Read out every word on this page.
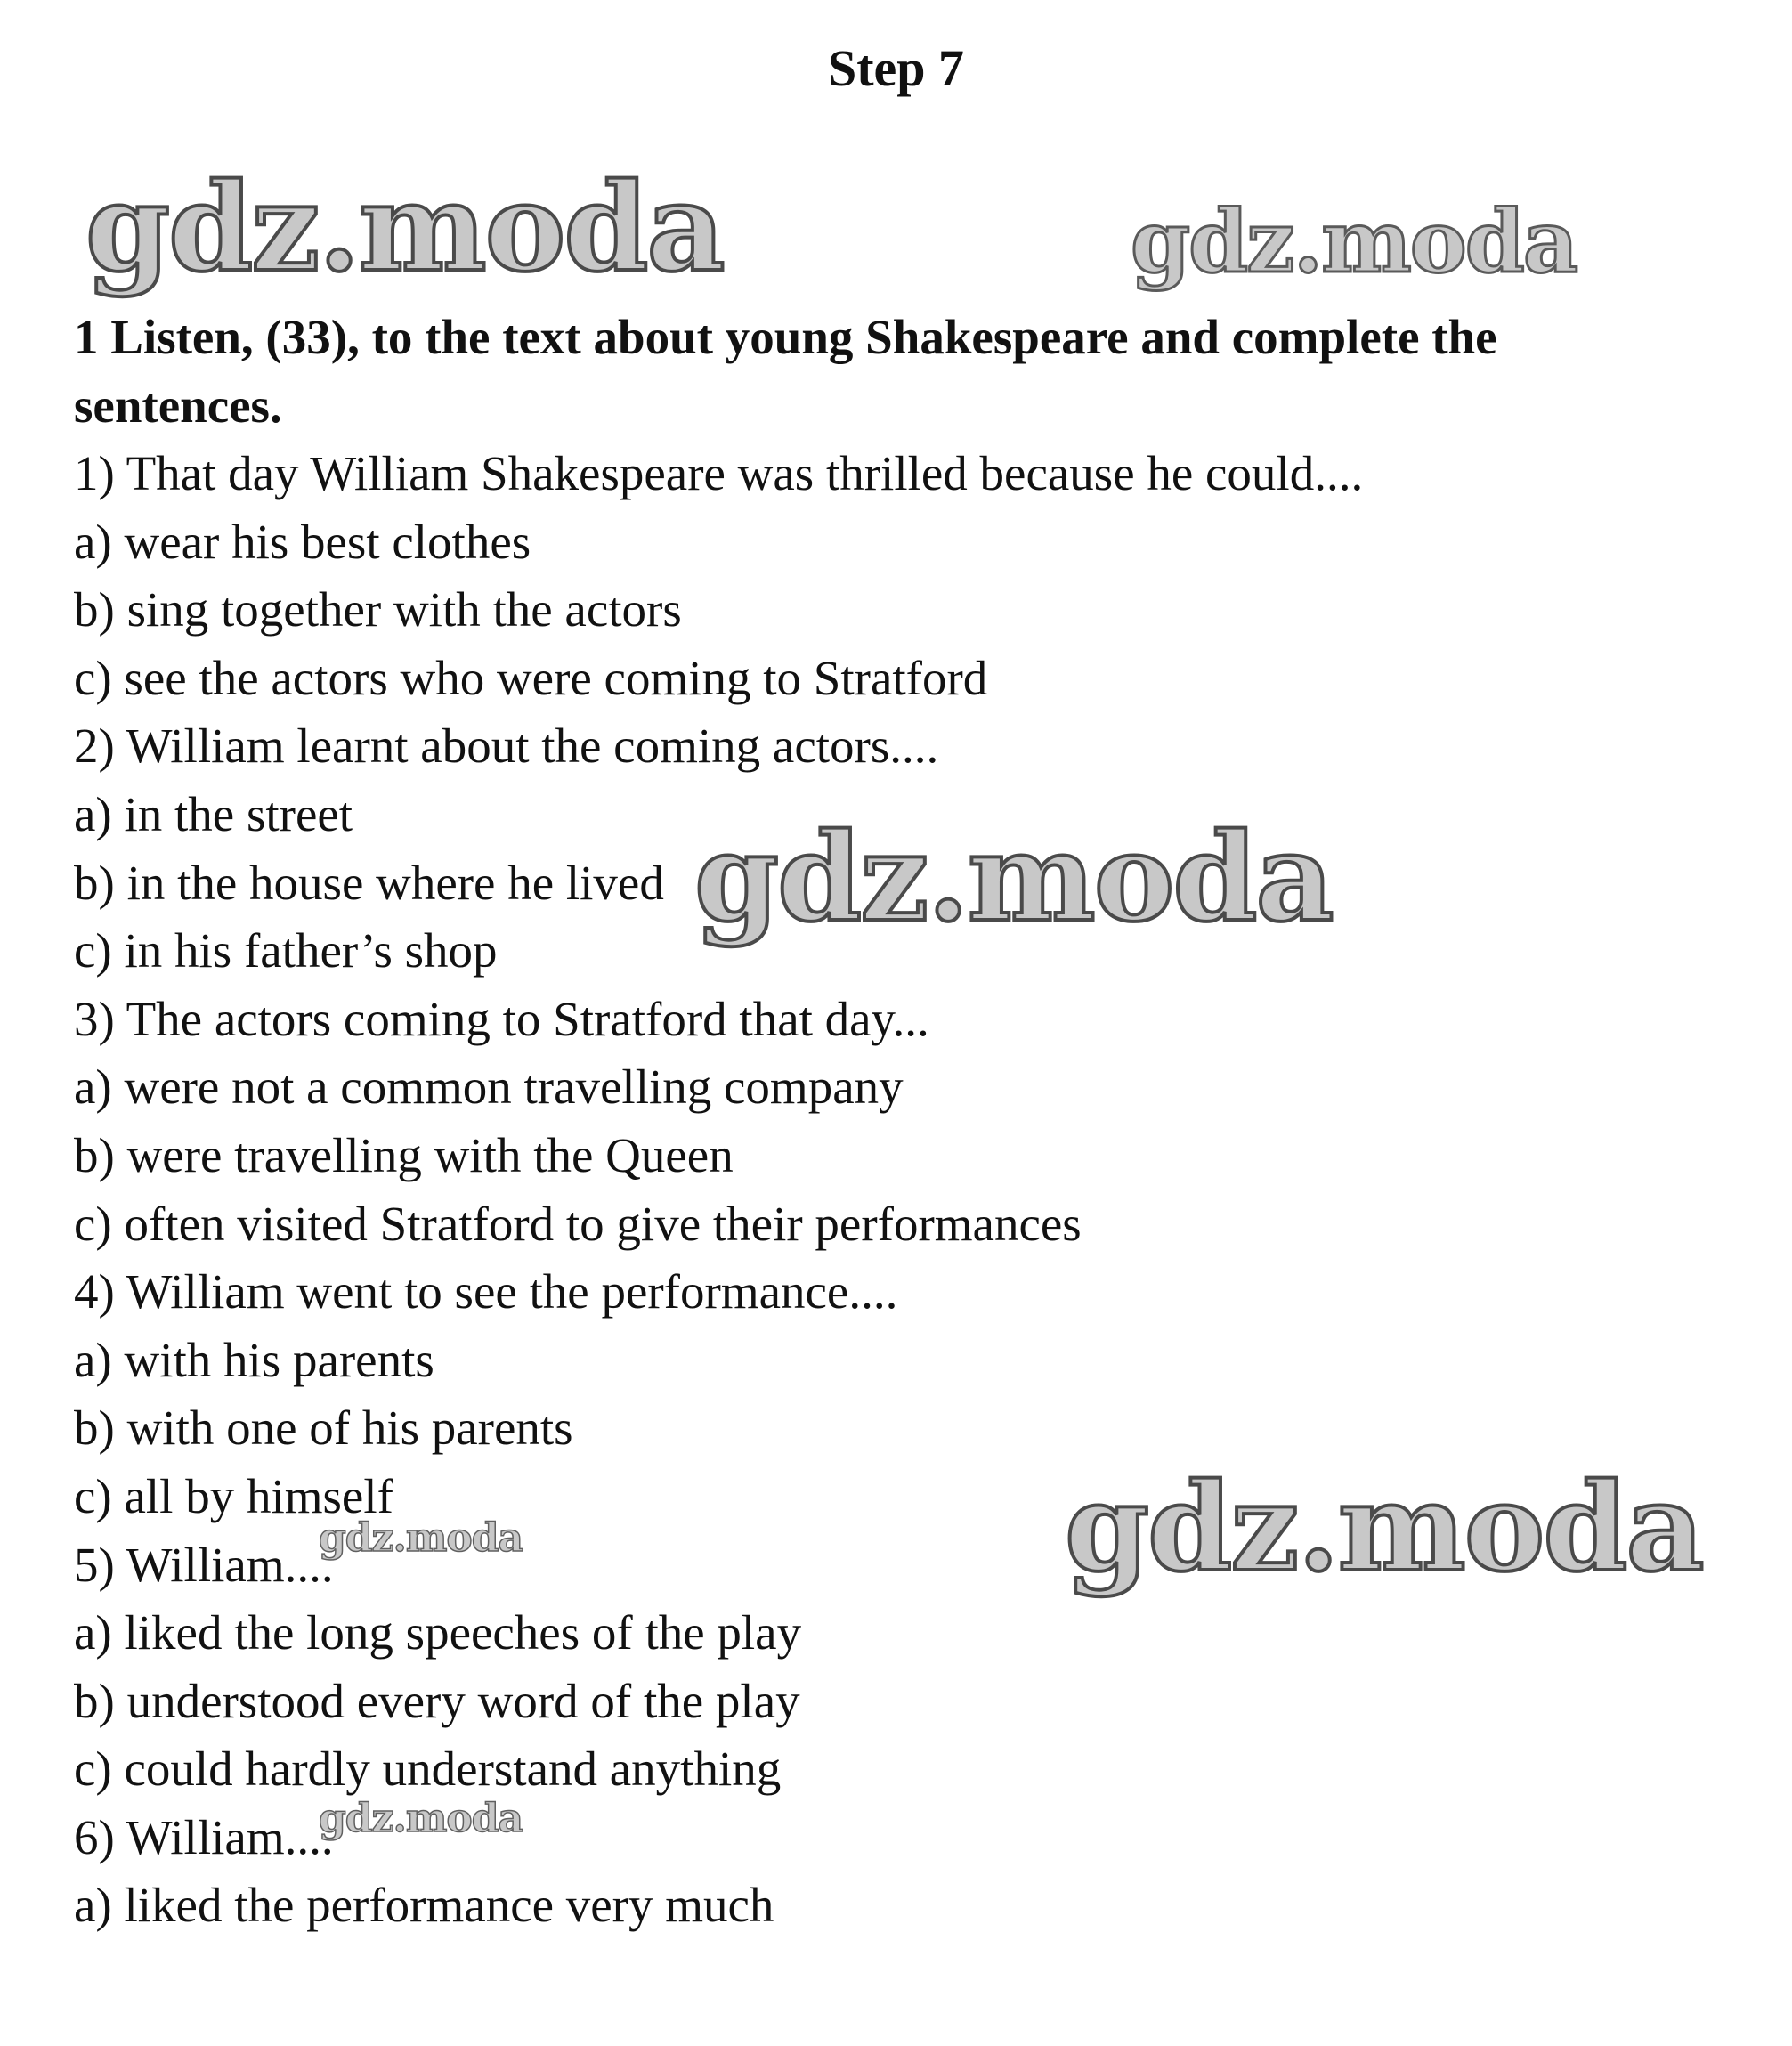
Step 7
1 Listen, (33), to the text about young Shakespeare and complete the sentences.
1) That day William Shakespeare was thrilled because he could....
a) wear his best clothes
b) sing together with the actors
c) see the actors who were coming to Stratford
2) William learnt about the coming actors....
a) in the street
b) in the house where he lived
c) in his father’s shop
3) The actors coming to Stratford that day...
a) were not a common travelling company
b) were travelling with the Queen
c) often visited Stratford to give their performances
4) William went to see the performance....
a) with his parents
b) with one of his parents
c) all by himself
5) William....
a) liked the long speeches of the play
b) understood every word of the play
c) could hardly understand anything
6) William....
a) liked the performance very much
gdz.moda	gdz.moda
gdz.moda
gdz.moda
gdz.moda
gdz.moda
